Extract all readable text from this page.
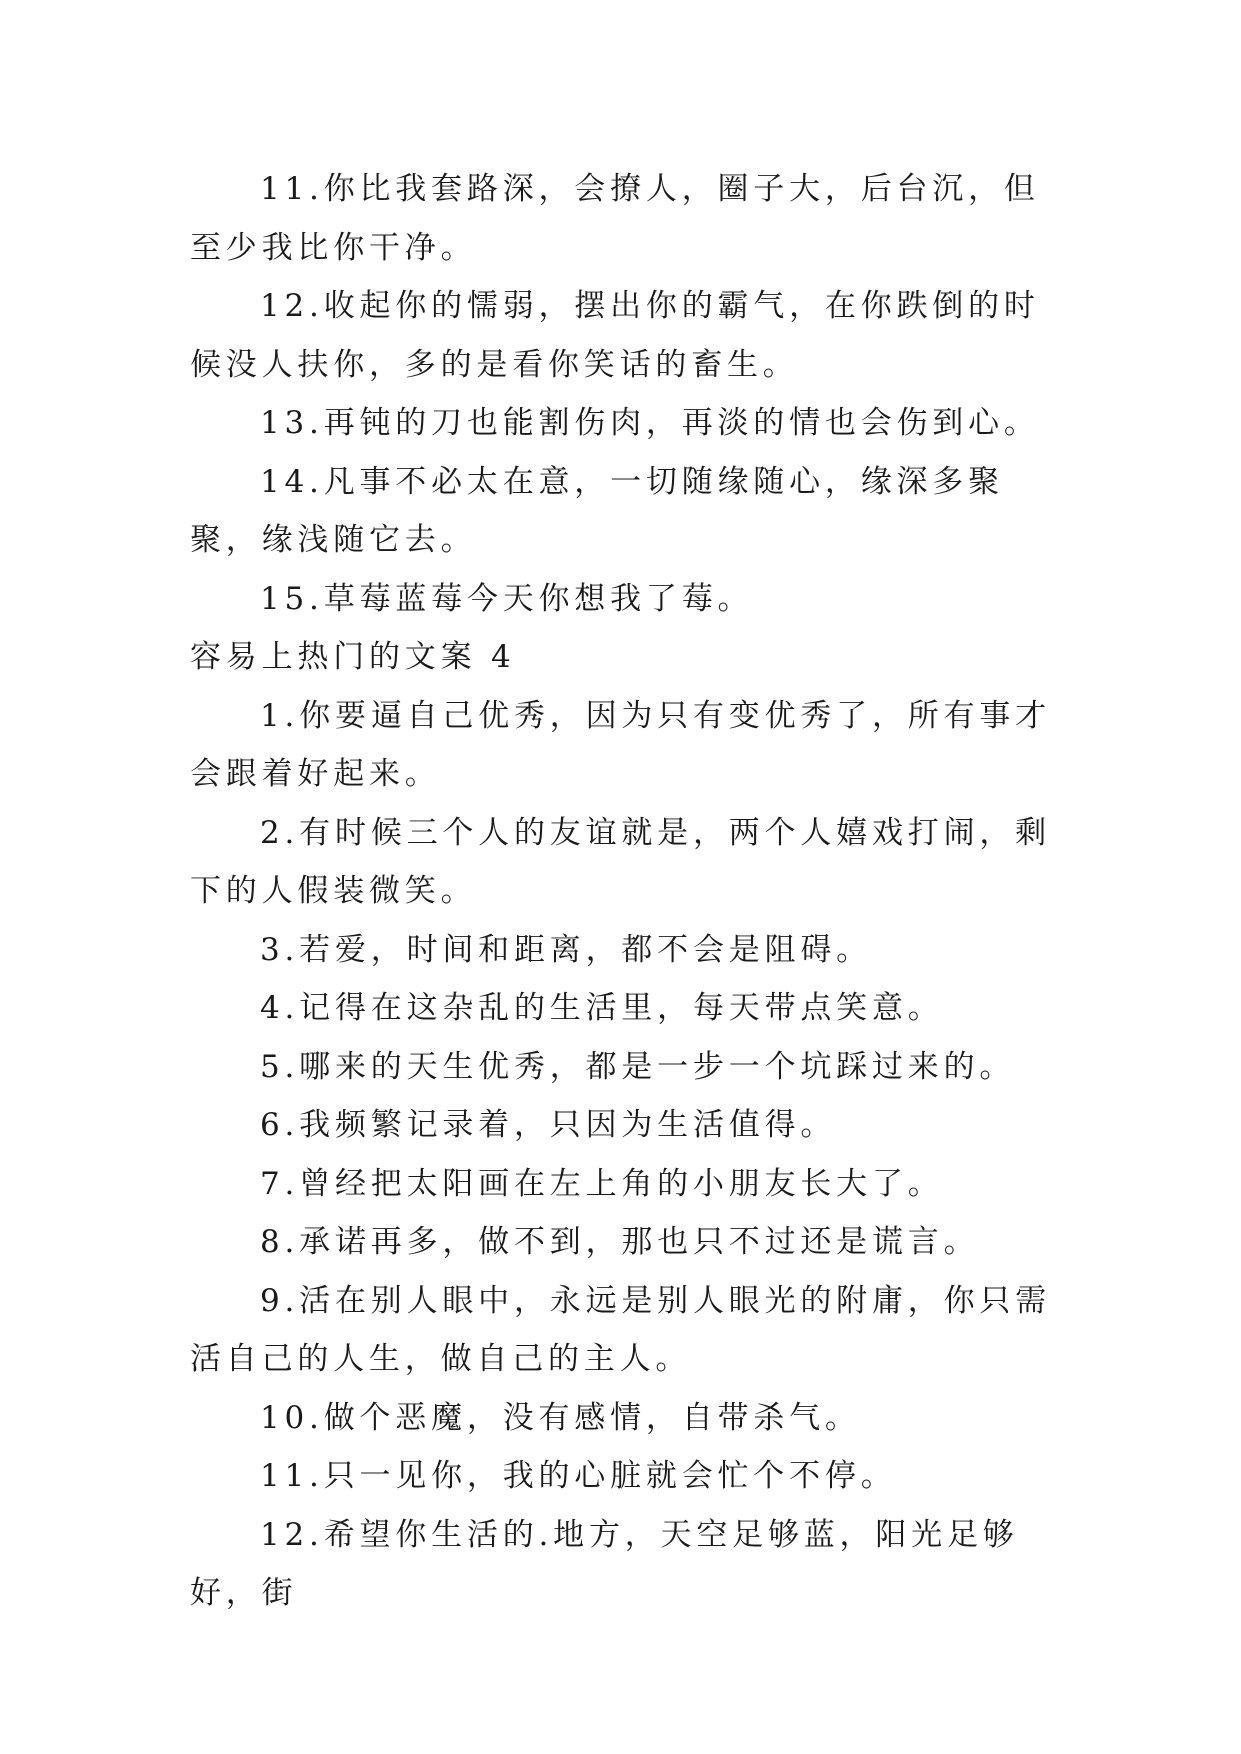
11.你比我套路深，会撩人，圈子大，后台沉，但至少我比你干净。

12.收起你的懦弱，摆出你的霸气，在你跌倒的时候没人扶你，多的是看你笑话的畜生。

13.再钝的刀也能割伤肉，再淡的情也会伤到心。

14.凡事不必太在意，一切随缘随心，缘深多聚聚，缘浅随它去。

15.草莓蓝莓今天你想我了莓。

容易上热门的文案 4

1.你要逼自己优秀，因为只有变优秀了，所有事才会跟着好起来。

2.有时候三个人的友谊就是，两个人嬉戏打闹，剩下的人假装微笑。

3.若爱，时间和距离，都不会是阻碍。

4.记得在这杂乱的生活里，每天带点笑意。

5.哪来的天生优秀，都是一步一个坑踩过来的。

6.我频繁记录着，只因为生活值得。

7.曾经把太阳画在左上角的小朋友长大了。

8.承诺再多，做不到，那也只不过还是谎言。

9.活在别人眼中，永远是别人眼光的附庸，你只需活自己的人生，做自己的主人。

10.做个恶魔，没有感情，自带杀气。

11.只一见你，我的心脏就会忙个不停。

12.希望你生活的.地方，天空足够蓝，阳光足够好，街
